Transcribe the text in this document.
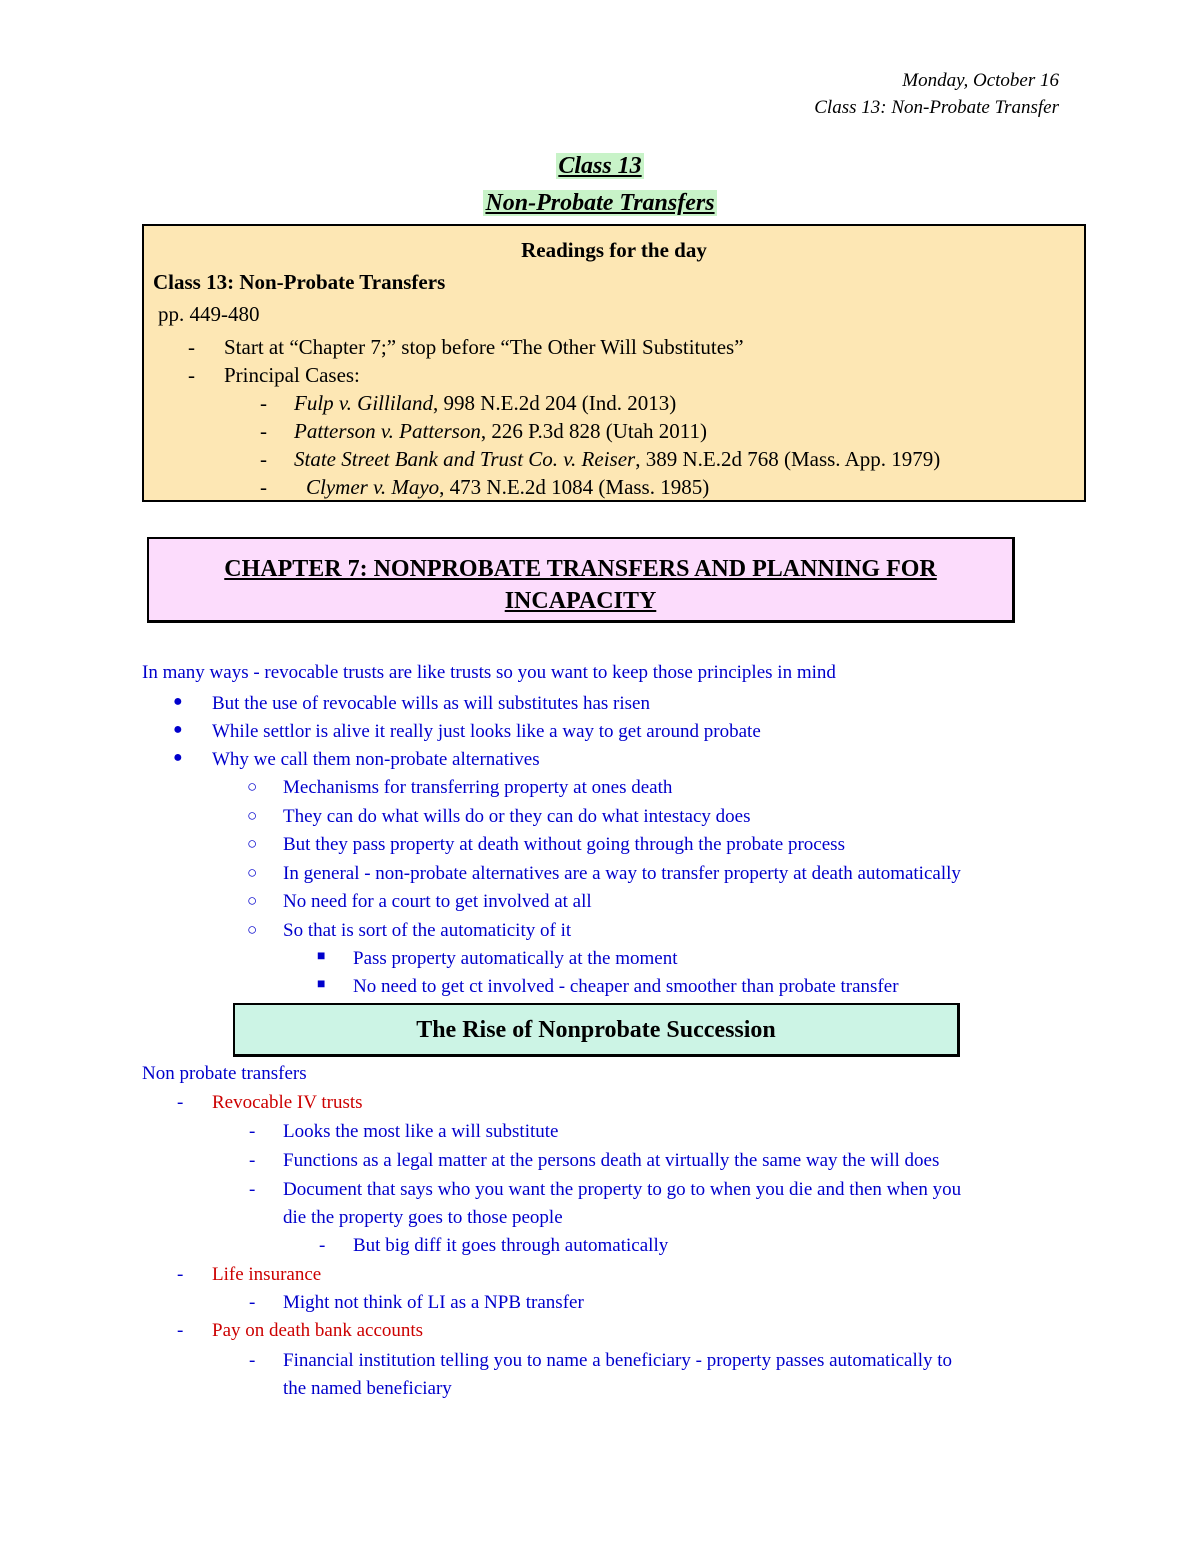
Monday, October 16
Class 13: Non-Probate Transfer
Class 13
Non-Probate Transfers
Readings for the day
Class 13: Non-Probate Transfers
pp. 449-480
- Start at “Chapter 7;” stop before “The Other Will Substitutes”
- Principal Cases:
- Fulp v. Gilliland, 998 N.E.2d 204 (Ind. 2013)
- Patterson v. Patterson, 226 P.3d 828 (Utah 2011)
- State Street Bank and Trust Co. v. Reiser, 389 N.E.2d 768 (Mass. App. 1979)
- Clymer v. Mayo, 473 N.E.2d 1084 (Mass. 1985)
CHAPTER 7: NONPROBATE TRANSFERS AND PLANNING FOR
INCAPACITY
In many ways - revocable trusts are like trusts so you want to keep those principles in mind
● But the use of revocable wills as will substitutes has risen
● While settlor is alive it really just looks like a way to get around probate
● Why we call them non-probate alternatives
○ Mechanisms for transferring property at ones death
○ They can do what wills do or they can do what intestacy does
○ But they pass property at death without going through the probate process
○ In general - non-probate alternatives are a way to transfer property at death automatically
○ No need for a court to get involved at all
○ So that is sort of the automaticity of it
■ Pass property automatically at the moment
■ No need to get ct involved - cheaper and smoother than probate transfer
The Rise of Nonprobate Succession
Non probate transfers
- Revocable IV trusts
- Looks the most like a will substitute
- Functions as a legal matter at the persons death at virtually the same way the will does
- Document that says who you want the property to go to when you die and then when you
die the property goes to those people
- But big diff it goes through automatically
- Life insurance
- Might not think of LI as a NPB transfer
- Pay on death bank accounts
- Financial institution telling you to name a beneficiary - property passes automatically to
the named beneficiary
